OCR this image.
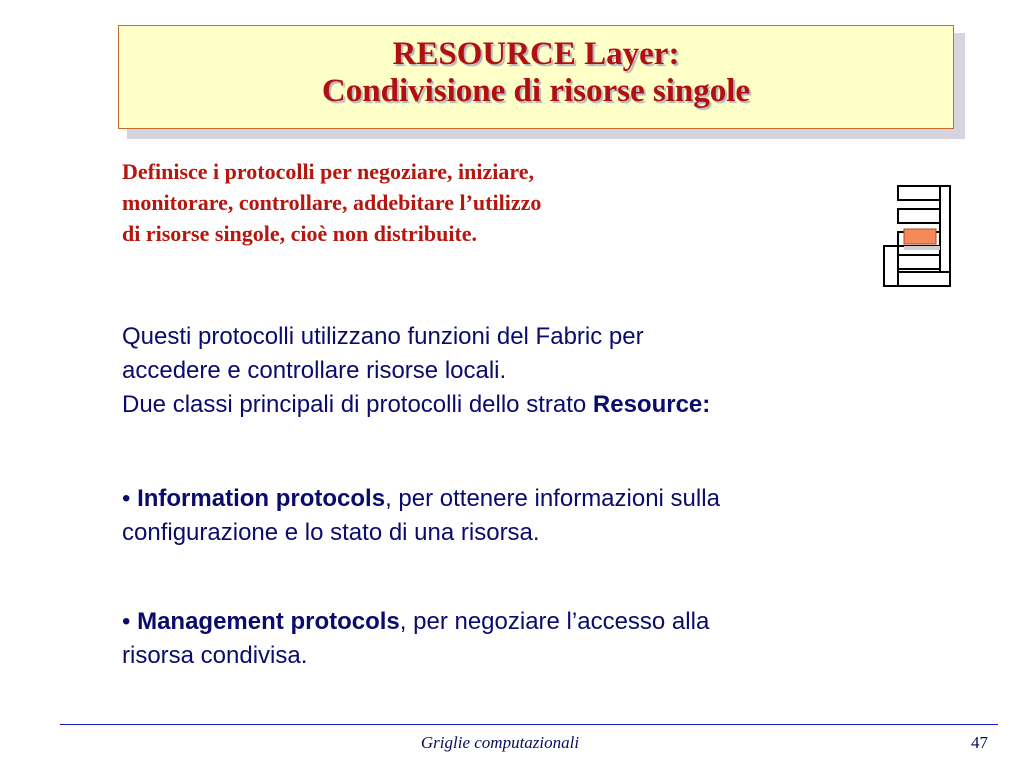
RESOURCE Layer:
Condivisione di risorse singole
Definisce i protocolli per negoziare, iniziare,
monitorare, controllare, addebitare l’utilizzo
di risorse singole, cioè non distribuite.
Questi protocolli utilizzano funzioni del Fabric per
accedere e controllare risorse locali.
Due classi principali di protocolli dello strato Resource:
• Information protocols, per ottenere informazioni sulla
configurazione e lo stato di una risorsa.
• Management protocols, per negoziare l’accesso alla
risorsa condivisa.
Griglie computazionali	47
